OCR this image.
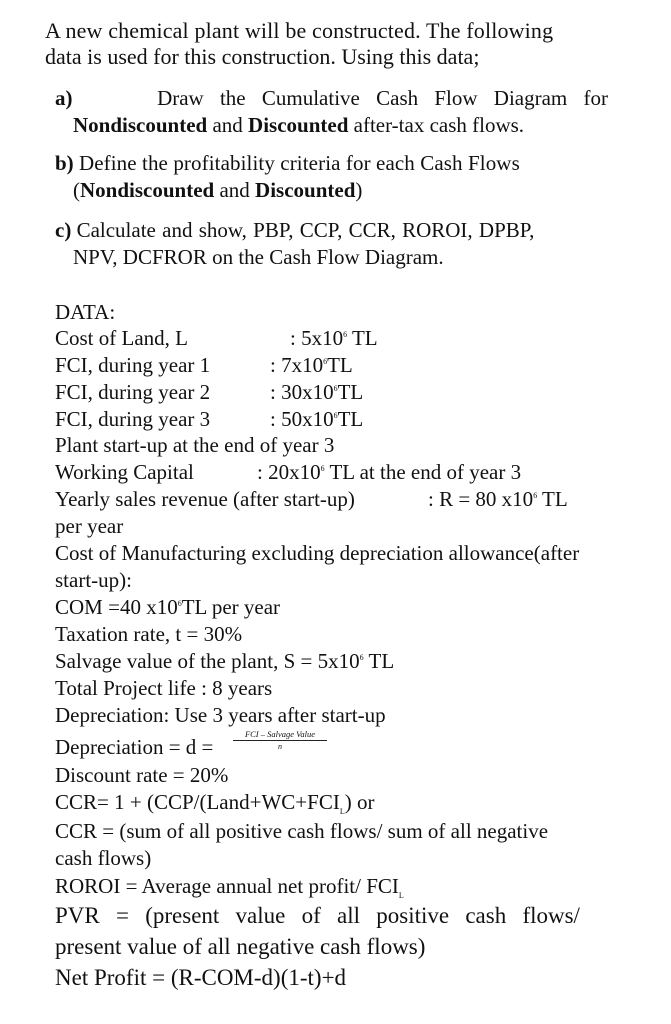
A new chemical plant will be constructed. The following
data is used for this construction. Using this data;
a)	Draw the Cumulative Cash Flow Diagram for
Nondiscounted and Discounted after-tax cash flows.
b) Define the profitability criteria for each Cash Flows
(Nondiscounted and Discounted)
c) Calculate and show, PBP, CCP, CCR, ROROI, DPBP,
NPV, DCFROR on the Cash Flow Diagram.
DATA:
Cost of Land, L	: $5x10^6$ TL
FCI, during year 1	: $7x10^6TL$
FCI, during year 2	: $30x10^6TL$
FCI, during year 3	: $50x10^6TL$
Plant start-up at the end of year 3
Working Capital	: $20x10^6$ TL at the end of year 3
Yearly sales revenue (after start-up)	: R = 80 $x10^6$ TL
per year
Cost of Manufacturing excluding depreciation allowance(after
start-up):
COM =40 $x10^6TL$ per year
Taxation rate, t = 30%
Salvage value of the plant, $S = 5x10^6$ TL
Total Project life : 8 years
Depreciation: Use 3 years after start-up
Depreciation = d =
FCI – Salvage Value
n
Discount rate = 20%
$CCR= 1 + (CCP/(Land+WC+FCI_L)$ or
CCR = (sum of all positive cash flows/ sum of all negative
cash flows)
ROROI = Average annual net profit/ $FCI_L$
PVR = (present value of all positive cash flows/
present value of all negative cash flows)
Net Profit = (R-COM-d)(1-t)+d
